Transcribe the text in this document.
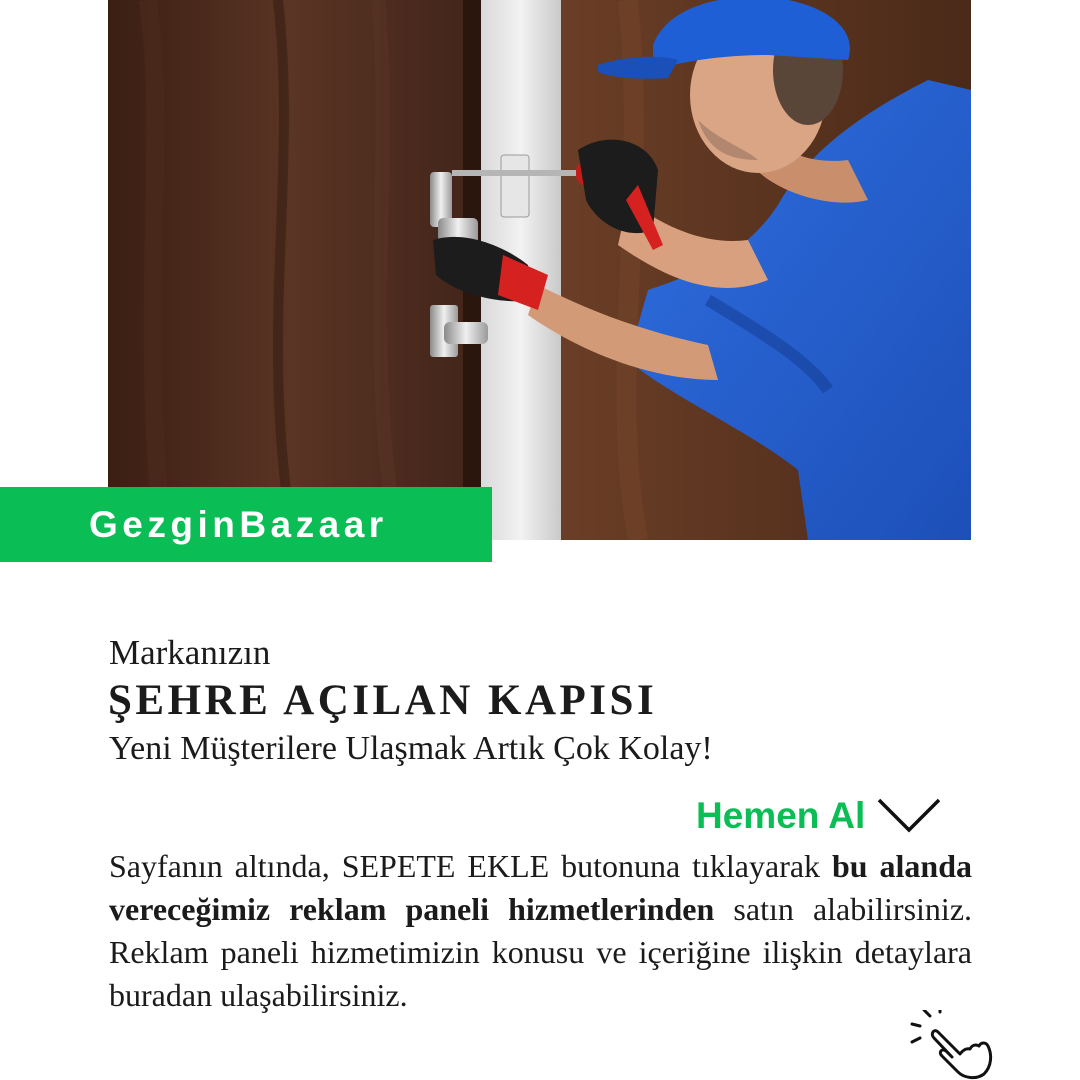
GezginBazaar
Markanızın
ŞEHRE AÇILAN KAPISI
Yeni Müşterilere Ulaşmak Artık Çok Kolay!
Hemen Al
Sayfanın altında, SEPETE EKLE butonuna tıklayarak bu alanda vereceğimiz reklam paneli hizmetlerinden satın alabilirsiniz. Reklam paneli hizmetimizin konusu ve içeriğine ilişkin detaylara buradan ulaşabilirsiniz.
